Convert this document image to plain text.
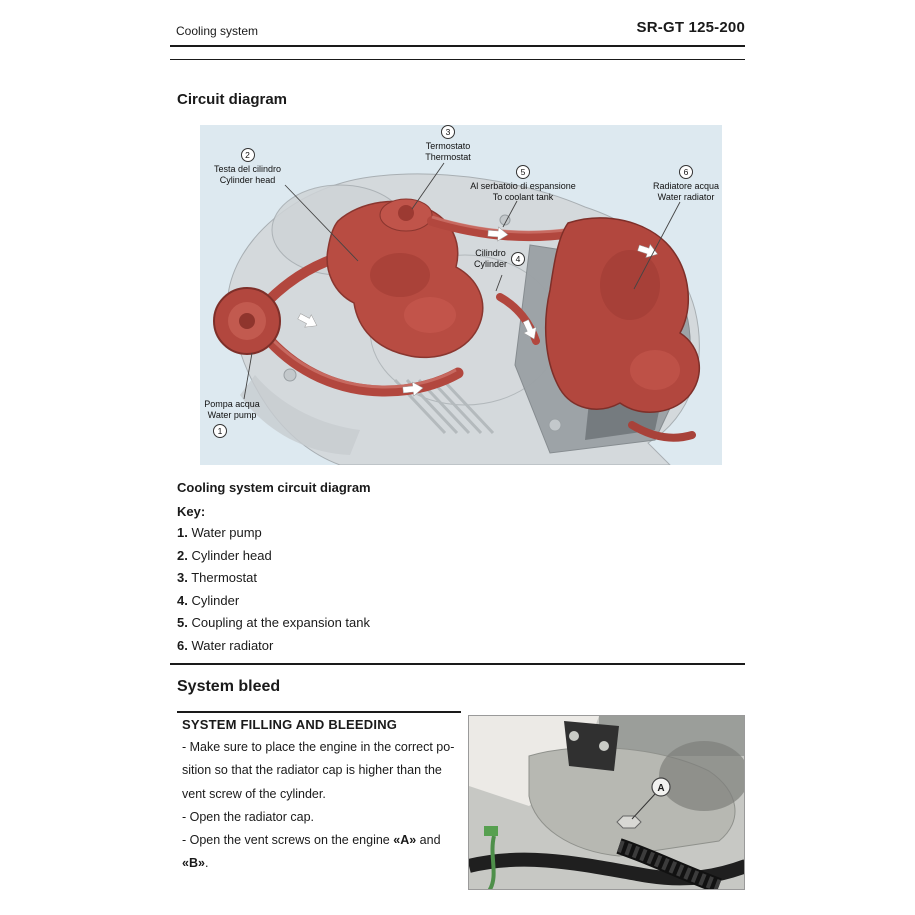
Cooling system	SR-GT 125-200
Circuit diagram
Pompa acqua
Water pump
1
2
Testa del cilindro
Cylinder head
3
Termostato
Thermostat
Cilindro
Cylinder	4
5
Al serbatoio di espansione
To coolant tank
6
Radiatore acqua
Water radiator
Cooling system circuit diagram
Key:
1. Water pump
2. Cylinder head
3. Thermostat
4. Cylinder
5. Coupling at the expansion tank
6. Water radiator
System bleed
SYSTEM FILLING AND BLEEDING
- Make sure to place the engine in the correct po-
sition so that the radiator cap is higher than the
vent screw of the cylinder.
- Open the radiator cap.
- Open the vent screws on the engine «A» and
«B».
A
